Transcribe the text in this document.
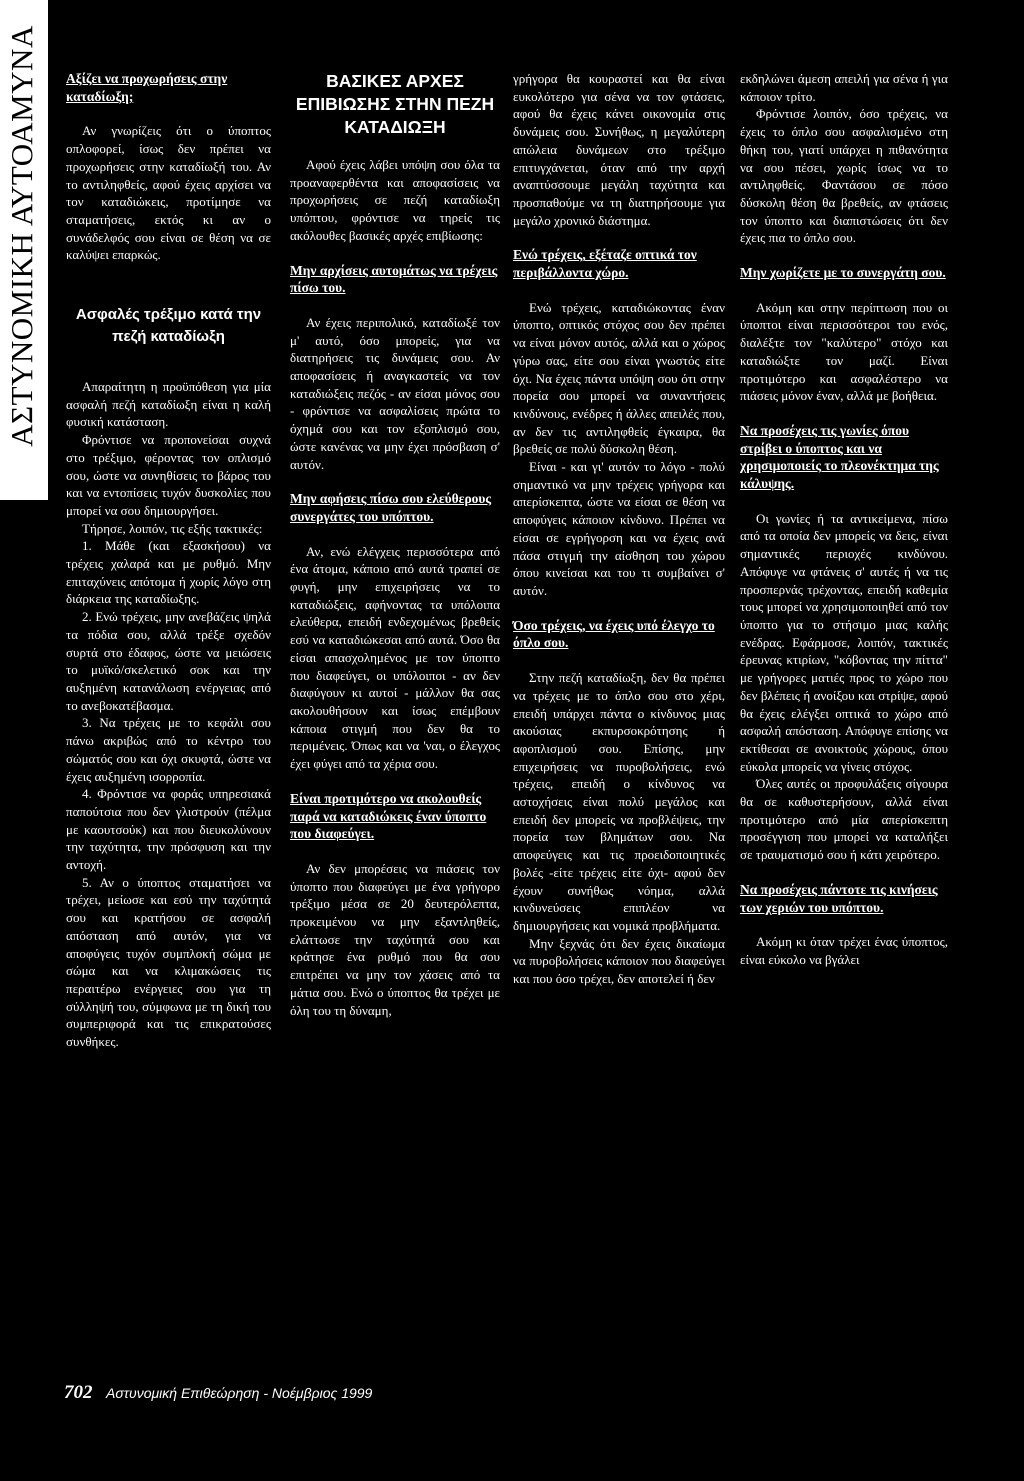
ΑΣΤΥΝΟΜΙΚΗ ΑΥΤΟΑΜΥΝΑ	Αξίζει να προχωρήσεις στην καταδίωξη;

Αν γνωρίζεις ότι ο ύποπτος οπλοφορεί, ίσως δεν πρέπει να προχωρήσεις στην καταδίωξή του. Αν το αντιληφθείς, αφού έχεις αρχίσει να τον καταδιώκεις, προτίμησε να σταματήσεις, εκτός κι αν ο συνάδελφός σου είναι σε θέση να σε καλύψει επαρκώς.

Ασφαλές τρέξιμο κατά την πεζή καταδίωξη

Απαραίτητη η προϋπόθεση για μία ασφαλή πεζή καταδίωξη είναι η καλή φυσική κατάσταση.

Φρόντισε να προπονείσαι συχνά στο τρέξιμο, φέροντας τον οπλισμό σου, ώστε να συνηθίσεις το βάρος του και να εντοπίσεις τυχόν δυσκολίες που μπορεί να σου δημιουργήσει.

Τήρησε, λοιπόν, τις εξής τακτικές:

1. Μάθε (και εξασκήσου) να τρέχεις χαλαρά και με ρυθμό. Μην επιταχύνεις απότομα ή χωρίς λόγο στη διάρκεια της καταδίωξης.

2. Ενώ τρέχεις, μην ανεβάζεις ψηλά τα πόδια σου, αλλά τρέξε σχεδόν συρτά στο έδαφος, ώστε να μειώσεις το μυϊκό/σκελετικό σοκ και την αυξημένη κατανάλωση ενέργειας από το ανεβοκατέβασμα.

3. Να τρέχεις με το κεφάλι σου πάνω ακριβώς από το κέντρο του σώματός σου και όχι σκυφτά, ώστε να έχεις αυξημένη ισορροπία.

4. Φρόντισε να φοράς υπηρεσιακά παπούτσια που δεν γλιστρούν (πέλμα με καουτσούκ) και που διευκολύνουν την ταχύτητα, την πρόσφυση και την αντοχή.

5. Αν ο ύποπτος σταματήσει να τρέχει, μείωσε και εσύ την ταχύτητά σου και κρατήσου σε ασφαλή απόσταση από αυτόν, για να αποφύγεις τυχόν συμπλοκή σώμα με σώμα και να κλιμακώσεις τις περαιτέρω ενέργειες σου για τη σύλληψή του, σύμφωνα με τη δική του συμπεριφορά και τις επικρατούσες συνθήκες.

ΒΑΣΙΚΕΣ ΑΡΧΕΣ ΕΠΙΒΙΩΣΗΣ ΣΤΗΝ ΠΕΖΗ ΚΑΤΑΔΙΩΞΗ

Αφού έχεις λάβει υπόψη σου όλα τα προαναφερθέντα και αποφασίσεις να προχωρήσεις σε πεζή καταδίωξη υπόπτου, φρόντισε να τηρείς τις ακόλουθες βασικές αρχές επιβίωσης:

Μην αρχίσεις αυτομάτως να τρέχεις πίσω του.

Αν έχεις περιπολικό, καταδίωξέ τον μ' αυτό, όσο μπορείς, για να διατηρήσεις τις δυνάμεις σου. Αν αποφασίσεις ή αναγκαστείς να τον καταδιώξεις πεζός - αν είσαι μόνος σου - φρόντισε να ασφαλίσεις πρώτα το όχημά σου και τον εξοπλισμό σου, ώστε κανένας να μην έχει πρόσβαση σ' αυτόν.

Μην αφήσεις πίσω σου ελεύθερους συνεργάτες του υπόπτου.

Αν, ενώ ελέγχεις περισσότερα από ένα άτομα, κάποιο από αυτά τραπεί σε φυγή, μην επιχειρήσεις να το καταδιώξεις, αφήνοντας τα υπόλοιπα ελεύθερα, επειδή ενδεχομένως βρεθείς εσύ να καταδιώκεσαι από αυτά. Όσο θα είσαι απασχολημένος με τον ύποπτο που διαφεύγει, οι υπόλοιποι - αν δεν διαφύγουν κι αυτοί - μάλλον θα σας ακολουθήσουν και ίσως επέμβουν κάποια στιγμή που δεν θα το περιμένεις. Όπως και να 'ναι, ο έλεγχος έχει φύγει από τα χέρια σου.

Είναι προτιμότερο να ακολουθείς παρά να καταδιώκεις έναν ύποπτο που διαφεύγει.

Αν δεν μπορέσεις να πιάσεις τον ύποπτο που διαφεύγει με ένα γρήγορο τρέξιμο μέσα σε 20 δευτερόλεπτα, προκειμένου να μην εξαντληθείς, ελάττωσε την ταχύτητά σου και κράτησε ένα ρυθμό που θα σου επιτρέπει να μην τον χάσεις από τα μάτια σου. Ενώ ο ύποπτος θα τρέχει με όλη του τη δύναμη,

γρήγορα θα κουραστεί και θα είναι ευκολότερο για σένα να τον φτάσεις, αφού θα έχεις κάνει οικονομία στις δυνάμεις σου. Συνήθως, η μεγαλύτερη απώλεια δυνάμεων στο τρέξιμο επιτυγχάνεται, όταν από την αρχή αναπτύσσουμε μεγάλη ταχύτητα και προσπαθούμε να τη διατηρήσουμε για μεγάλο χρονικό διάστημα.

Ενώ τρέχεις, εξέταζε οπτικά τον περιβάλλοντα χώρο.

Ενώ τρέχεις, καταδιώκοντας έναν ύποπτο, οπτικός στόχος σου δεν πρέπει να είναι μόνον αυτός, αλλά και ο χώρος γύρω σας, είτε σου είναι γνωστός είτε όχι. Να έχεις πάντα υπόψη σου ότι στην πορεία σου μπορεί να συναντήσεις κινδύνους, ενέδρες ή άλλες απειλές που, αν δεν τις αντιληφθείς έγκαιρα, θα βρεθείς σε πολύ δύσκολη θέση.

Είναι - και γι' αυτόν το λόγο - πολύ σημαντικό να μην τρέχεις γρήγορα και απερίσκεπτα, ώστε να είσαι σε θέση να αποφύγεις κάποιον κίνδυνο. Πρέπει να είσαι σε εγρήγορση και να έχεις ανά πάσα στιγμή την αίσθηση του χώρου όπου κινείσαι και του τι συμβαίνει σ' αυτόν.

Όσο τρέχεις, να έχεις υπό έλεγχο το όπλο σου.

Στην πεζή καταδίωξη, δεν θα πρέπει να τρέχεις με το όπλο σου στο χέρι, επειδή υπάρχει πάντα ο κίνδυνος μιας ακούσιας εκπυρσοκρότησης ή αφοπλισμού σου. Επίσης, μην επιχειρήσεις να πυροβολήσεις, ενώ τρέχεις, επειδή ο κίνδυνος να αστοχήσεις είναι πολύ μεγάλος και επειδή δεν μπορείς να προβλέψεις, την πορεία των βλημάτων σου. Να αποφεύγεις και τις προειδοποιητικές βολές -είτε τρέχεις είτε όχι- αφού δεν έχουν συνήθως νόημα, αλλά κινδυνεύσεις επιπλέον να δημιουργήσεις και νομικά προβλήματα.

Μην ξεχνάς ότι δεν έχεις δικαίωμα να πυροβολήσεις κάποιον που διαφεύγει και που όσο τρέχει, δεν αποτελεί ή δεν

εκδηλώνει άμεση απειλή για σένα ή για κάποιον τρίτο.

Φρόντισε λοιπόν, όσο τρέχεις, να έχεις το όπλο σου ασφαλισμένο στη θήκη του, γιατί υπάρχει η πιθανότητα να σου πέσει, χωρίς ίσως να το αντιληφθείς. Φαντάσου σε πόσο δύσκολη θέση θα βρεθείς, αν φτάσεις τον ύποπτο και διαπιστώσεις ότι δεν έχεις πια το όπλο σου.

Μην χωρίζετε με το συνεργάτη σου.

Ακόμη και στην περίπτωση που οι ύποπτοι είναι περισσότεροι του ενός, διαλέξτε τον "καλύτερο" στόχο και καταδιώξτε τον μαζί. Είναι προτιμότερο και ασφαλέστερο να πιάσεις μόνον έναν, αλλά με βοήθεια.

Να προσέχεις τις γωνίες όπου στρίβει ο ύποπτος και να χρησιμοποιείς το πλεονέκτημα της κάλυψης.

Οι γωνίες ή τα αντικείμενα, πίσω από τα οποία δεν μπορείς να δεις, είναι σημαντικές περιοχές κινδύνου. Απόφυγε να φτάνεις σ' αυτές ή να τις προσπερνάς τρέχοντας, επειδή καθεμία τους μπορεί να χρησιμοποιηθεί από τον ύποπτο για το στήσιμο μιας καλής ενέδρας. Εφάρμοσε, λοιπόν, τακτικές έρευνας κτιρίων, "κόβοντας την πίττα" με γρήγορες ματιές προς το χώρο που δεν βλέπεις ή ανοίξου και στρίψε, αφού θα έχεις ελέγξει οπτικά το χώρο από ασφαλή απόσταση. Απόφυγε επίσης να εκτίθεσαι σε ανοικτούς χώρους, όπου εύκολα μπορείς να γίνεις στόχος.

Όλες αυτές οι προφυλάξεις σίγουρα θα σε καθυστερήσουν, αλλά είναι προτιμότερο από μία απερίσκεπτη προσέγγιση που μπορεί να καταλήξει σε τραυματισμό σου ή κάτι χειρότερο.

Να προσέχεις πάντοτε τις κινήσεις των χεριών του υπόπτου.

Ακόμη κι όταν τρέχει ένας ύποπτος, είναι εύκολο να βγάλει

702 Αστυνομική Επιθεώρηση - Νοέμβριος 1999
